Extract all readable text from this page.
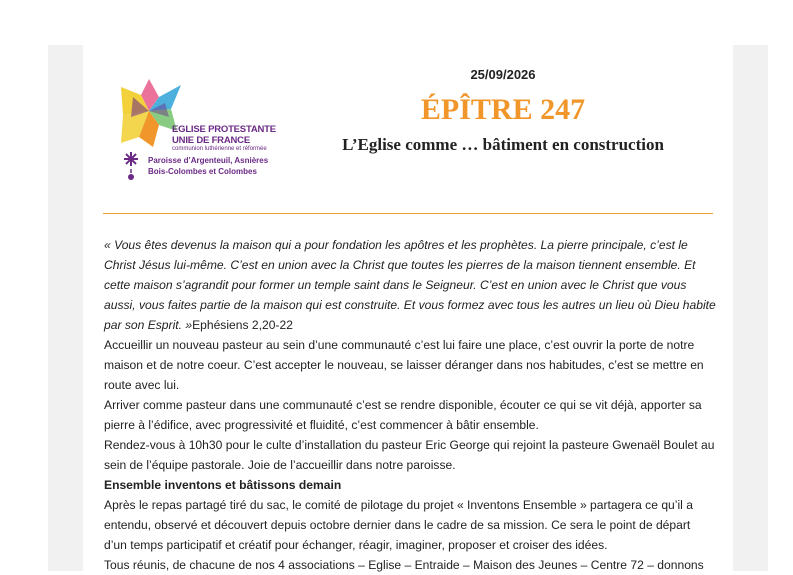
EGLISE PROTESTANTE
UNIE DE FRANCE
communion luthérienne et réformée
Paroisse d’Argenteuil, Asnières
Bois-Colombes et Colombes
25/09/2026
ÉPÎTRE 247
L’Eglise comme … bâtiment en construction

« Vous êtes devenus la maison qui a pour fondation les apôtres et les prophètes. La pierre principale, c’est le Christ Jésus lui-même. C’est en union avec la Christ que toutes les pierres de la maison tiennent ensemble. Et cette maison s’agrandit pour former un temple saint dans le Seigneur. C’est en union avec le Christ que vous aussi, vous faites partie de la maison qui est construite. Et vous formez avec tous les autres un lieu où Dieu habite par son Esprit. »Ephésiens 2,20-22

Accueillir un nouveau pasteur au sein d’une communauté c’est lui faire une place, c’est ouvrir la porte de notre maison et de notre coeur. C’est accepter le nouveau, se laisser déranger dans nos habitudes, c’est se mettre en route avec lui.

Arriver comme pasteur dans une communauté c’est se rendre disponible, écouter ce qui se vit déjà, apporter sa pierre à l’édifice, avec progressivité et fluidité, c’est commencer à bâtir ensemble.

Rendez-vous à 10h30 pour le culte d’installation du pasteur Eric George qui rejoint la pasteure Gwenaël Boulet au sein de l’équipe pastorale. Joie de l’accueillir dans notre paroisse.

Ensemble inventons et bâtissons demain

Après le repas partagé tiré du sac, le comité de pilotage du projet « Inventons Ensemble » partagera ce qu’il a entendu, observé et découvert depuis octobre dernier dans le cadre de sa mission. Ce sera le point de départ d’un temps participatif et créatif pour échanger, réagir, imaginer, proposer et croiser des idées.

Tous réunis, de chacune de nos 4 associations – Eglise – Entraide – Maison des Jeunes – Centre 72 – donnons
